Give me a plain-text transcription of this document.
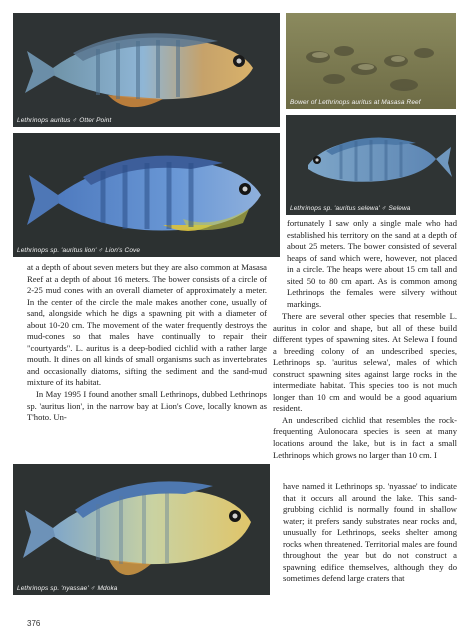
Lethrinops auritus ♂ Otter Point
Bower of Lethrinops auritus at Masasa Reef
Lethrinops sp. 'auritus lion' ♂ Lion's Cove
Lethrinops sp. 'auritus selewa' ♂ Selewa
Lethrinops sp. 'nyassae' ♂ Mdoka

at a depth of about seven meters but they are also common at Masasa Reef at a depth of about 16 meters. The bower consists of a circle of 2-25 mud cones with an overall diameter of approximately a meter. In the center of the circle the male makes another cone, usually of sand, alongside which he digs a spawning pit with a diameter of about 10-20 cm. The movement of the water frequently destroys the mud-cones so that males have continually to repair their "courtyards". L. auritus is a deep-bodied cichlid with a rather large mouth. It dines on all kinds of small organisms such as invertebrates and occasionally diatoms, sifting the sediment and the sand-mud mixture of its habitat.

In May 1995 I found another small Lethrinops, dubbed Lethrinops sp. 'auritus lion', in the narrow bay at Lion's Cove, locally known as T'hoto. Un-

fortunately I saw only a single male who had established his territory on the sand at a depth of about 25 meters. The bower consisted of several heaps of sand which were, however, not placed in a circle. The heaps were about 15 cm tall and sited 50 to 80 cm apart. As is common among Lethrinops the females were silvery without markings.

There are several other species that resemble L. auritus in color and shape, but all of these build different types of spawning sites. At Selewa I found a breeding colony of an undescribed species, Lethrinops sp. 'auritus selewa', males of which construct spawning sites against large rocks in the intermediate habitat. This species too is not much longer than 10 cm and would be a good aquarium resident.

An undescribed cichlid that resembles the rock-frequenting Aulonocara species is seen at many locations around the lake, but is in fact a small Lethrinops which grows no larger than 10 cm. I

have named it Lethrinops sp. 'nyassae' to indicate that it occurs all around the lake. This sand-grubbing cichlid is normally found in shallow water; it prefers sandy substrates near rocks and, unusually for Lethrinops, seeks shelter among rocks when threatened. Territorial males are found throughout the year but do not construct a spawning edifice themselves, although they do sometimes defend large craters that

376
